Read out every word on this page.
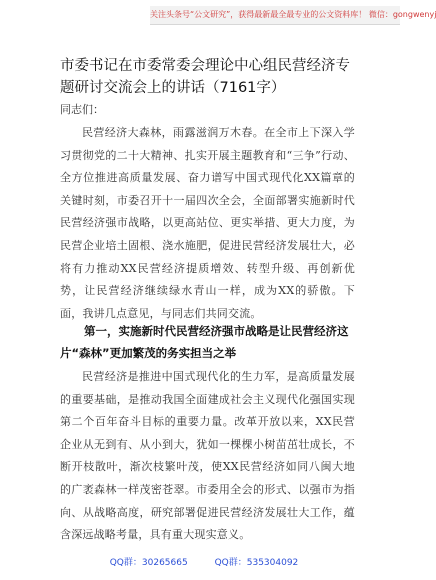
关注头条号“公文研究”，获得最新最全最专业的公文资料库！ 微信：gongwenyj
市委书记在市委常委会理论中心组民营经济专题研讨交流会上的讲话（7161字）
同志们：

民营经济大森林，雨露滋润万木春。在全市上下深入学习贯彻党的二十大精神、扎实开展主题教育和“三争”行动、全方位推进高质量发展、奋力谱写中国式现代化XX篇章的关键时刻，市委召开十一届四次全会，全面部署实施新时代民营经济强市战略，以更高站位、更实举措、更大力度，为民营企业培土固根、浇水施肥，促进民营经济发展壮大，必将有力推动XX民营经济提质增效、转型升级、再创新优势，让民营经济继续绿水青山一样，成为XX的骄傲。下面，我讲几点意见，与同志们共同交流。

第一，实施新时代民营经济强市战略是让民营经济这片“森林”更加繁茂的务实担当之举

民营经济是推进中国式现代化的生力军，是高质量发展的重要基础，是推动我国全面建成社会主义现代化强国实现第二个百年奋斗目标的重要力量。改革开放以来，XX民营企业从无到有、从小到大，犹如一棵棵小树苗茁壮成长，不断开枝散叶，渐次枝繁叶茂，使XX民营经济如同八闽大地的广袤森林一样茂密苍翠。市委用全会的形式、以强市为指向、从战略高度，研究部署促进民营经济发展壮大工作，蕴含深远战略考量，具有重大现实意义。

QQ群：30265665	QQ群：535304092
